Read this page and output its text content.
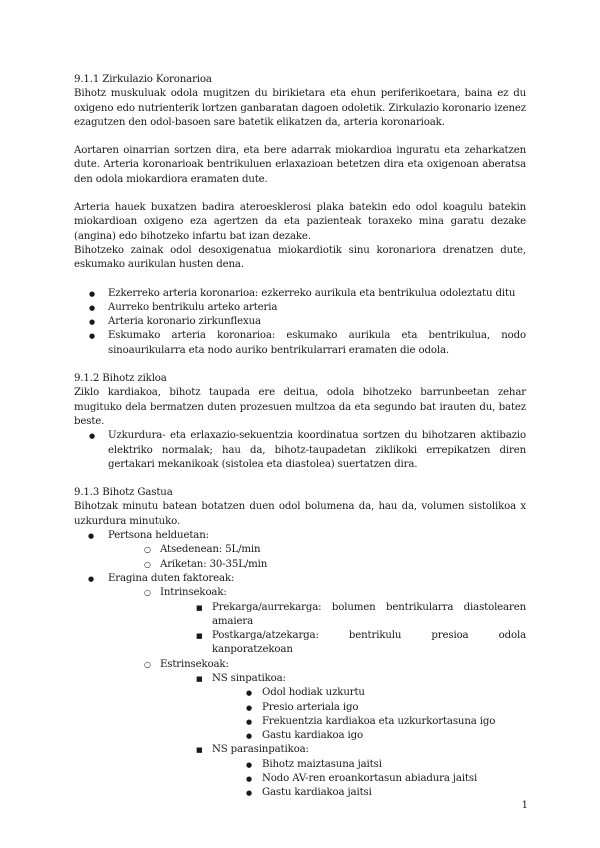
9.1.1 Zirkulazio Koronarioa

Bihotz muskuluak odola mugitzen du birikietara eta ehun periferikoetara, baina ez du oxigeno edo nutrienterik lortzen ganbaratan dagoen odoletik. Zirkulazio koronario izenez ezagutzen den odol-basoen sare batetik elikatzen da, arteria koronarioak.

Aortaren oinarrian sortzen dira, eta bere adarrak miokardioa inguratu eta zeharkatzen dute. Arteria koronarioak bentrikuluen erlaxazioan betetzen dira eta oxigenoan aberatsa den odola miokardiora eramaten dute.

Arteria hauek buxatzen badira ateroesklerosi plaka batekin edo odol koagulu batekin miokardioan oxigeno eza agertzen da eta pazienteak toraxeko mina garatu dezake (angina) edo bihotzeko infartu bat izan dezake.

Bihotzeko zainak odol desoxigenatua miokardiotik sinu koronariora drenatzen dute, eskumako aurikulan husten dena.

● Ezkerreko arteria koronarioa: ezkerreko aurikula eta bentrikulua odoleztatu ditu
● Aurreko bentrikulu arteko arteria
● Arteria koronario zirkunflexua
● Eskumako arteria koronarioa: eskumako aurikula eta bentrikulua, nodo sinoaurikularra eta nodo auriko bentrikularrari eramaten die odola.

9.1.2 Bihotz zikloa

Ziklo kardiakoa, bihotz taupada ere deitua, odola bihotzeko barrunbeetan zehar mugituko dela bermatzen duten prozesuen multzoa da eta segundo bat irauten du, batez beste.

● Uzkurdura- eta erlaxazio-sekuentzia koordinatua sortzen du bihotzaren aktibazio elektriko normalak; hau da, bihotz-taupadetan ziklikoki errepikatzen diren gertakari mekanikoak (sistolea eta diastolea) suertatzen dira.

9.1.3 Bihotz Gastua

Bihotzak minutu batean botatzen duen odol bolumena da, hau da, volumen sistolikoa x uzkurdura minutuko.

● Pertsona helduetan:
○ Atsedenean: 5L/min
○ Ariketan: 30-35L/min
● Eragina duten faktoreak:
○ Intrinsekoak:
■ Prekarga/aurrekarga: bolumen bentrikularra diastolearen amaiera
■ Postkarga/atzekarga: bentrikulu presioa odola kanporatzekoan
○ Estrinsekoak:
■ NS sinpatikoa:
● Odol hodiak uzkurtu
● Presio arteriala igo
● Frekuentzia kardiakoa eta uzkurkortasuna igo
● Gastu kardiakoa igo
■ NS parasinpatikoa:
● Bihotz maiztasuna jaitsi
● Nodo AV-ren eroankortasun abiadura jaitsi
● Gastu kardiakoa jaitsi
1
